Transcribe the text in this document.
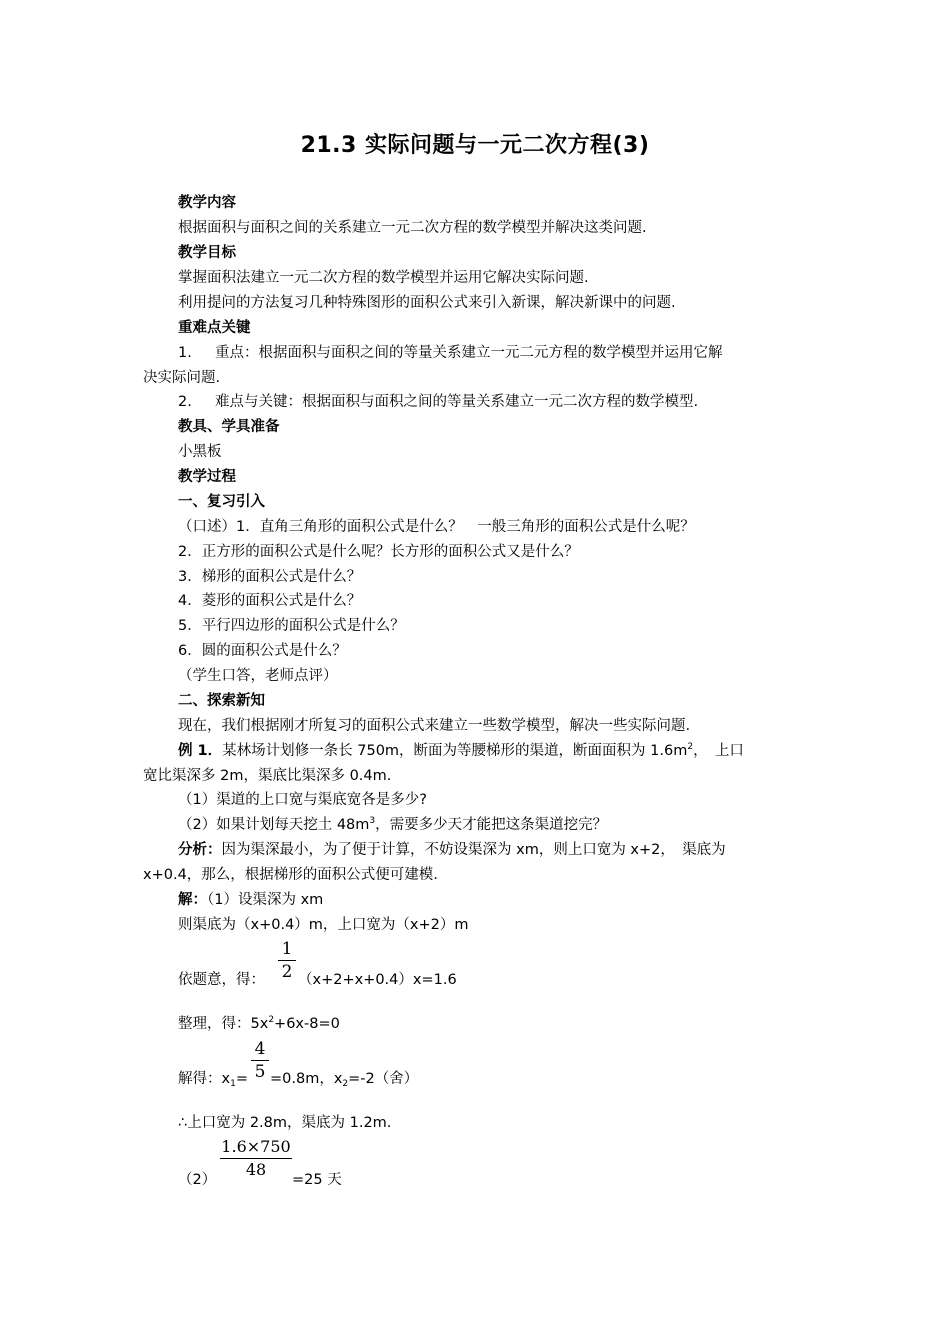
21.3 实际问题与一元二次方程(3)
教学内容
根据面积与面积之间的关系建立一元二次方程的数学模型并解决这类问题.
教学目标
掌握面积法建立一元二次方程的数学模型并运用它解决实际问题.
利用提问的方法复习几种特殊图形的面积公式来引入新课，解决新课中的问题.
重难点关键
1. 重点：根据面积与面积之间的等量关系建立一元二元方程的数学模型并运用它解
决实际问题.
2. 难点与关键：根据面积与面积之间的等量关系建立一元二次方程的数学模型.
教具、学具准备
小黑板
教学过程
一、复习引入
（口述）1．直角三角形的面积公式是什么？　一般三角形的面积公式是什么呢？
2．正方形的面积公式是什么呢？长方形的面积公式又是什么？
3．梯形的面积公式是什么？
4．菱形的面积公式是什么？
5．平行四边形的面积公式是什么？
6．圆的面积公式是什么？
（学生口答，老师点评）
二、探索新知
现在，我们根据刚才所复习的面积公式来建立一些数学模型，解决一些实际问题.
例 1．某林场计划修一条长 750m，断面为等腰梯形的渠道，断面面积为 $1.6m^2$，　上口
宽比渠深多 2m，渠底比渠深多 0.4m.
（1）渠道的上口宽与渠底宽各是多少?
（2）如果计划每天挖土 $48m^3$，需要多少天才能把这条渠道挖完？
分析：因为渠深最小，为了便于计算，不妨设渠深为 xm，则上口宽为 x+2，　渠底为
x+0.4，那么，根据梯形的面积公式便可建模.
解：（1）设渠深为 xm
则渠底为（x+0.4）m，上口宽为（x+2）m
依题意，得：
1
2 （x+2+x+0.4）x=1.6
整理，得：$5x^2+6x-8=0$
解得：$x_1=$
4
5 =0.8m，$x_2=-2$（舍）
∴上口宽为 2.8m，渠底为 1.2m.
（2）
1.6×750
48
=25 天
